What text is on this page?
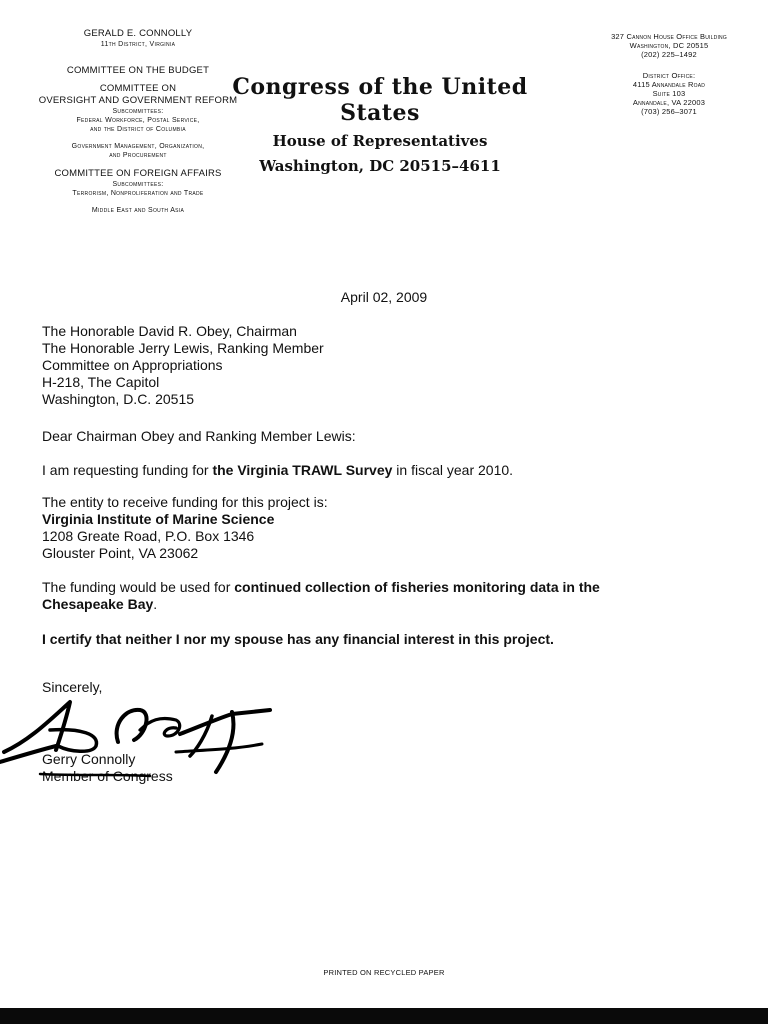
GERALD E. CONNOLLY
11th District, Virginia
COMMITTEE ON THE BUDGET
COMMITTEE ON
OVERSIGHT AND GOVERNMENT REFORM
Subcommittees:
Federal Workforce, Postal Service,
and the District of Columbia
Government Management, Organization,
and Procurement
COMMITTEE ON FOREIGN AFFAIRS
Subcommittees:
Terrorism, Nonproliferation and Trade
Middle East and South Asia
Congress of the United States
House of Representatives
Washington, DC 20515–4611
327 Cannon House Office Building
Washington, DC 20515
(202) 225–1492
District Office:
4115 Annandale Road
Suite 103
Annandale, VA 22003
(703) 256–3071
April 02, 2009
The Honorable David R. Obey, Chairman
The Honorable Jerry Lewis, Ranking Member
Committee on Appropriations
H-218, The Capitol
Washington, D.C. 20515
Dear Chairman Obey and Ranking Member Lewis:
I am requesting funding for the Virginia TRAWL Survey in fiscal year 2010.
The entity to receive funding for this project is:
Virginia Institute of Marine Science
1208 Greate Road, P.O. Box 1346
Glouster Point, VA 23062
The funding would be used for continued collection of fisheries monitoring data in the
Chesapeake Bay.
I certify that neither I nor my spouse has any financial interest in this project.
Sincerely,
Gerry Connolly
Member of Congress
PRINTED ON RECYCLED PAPER
